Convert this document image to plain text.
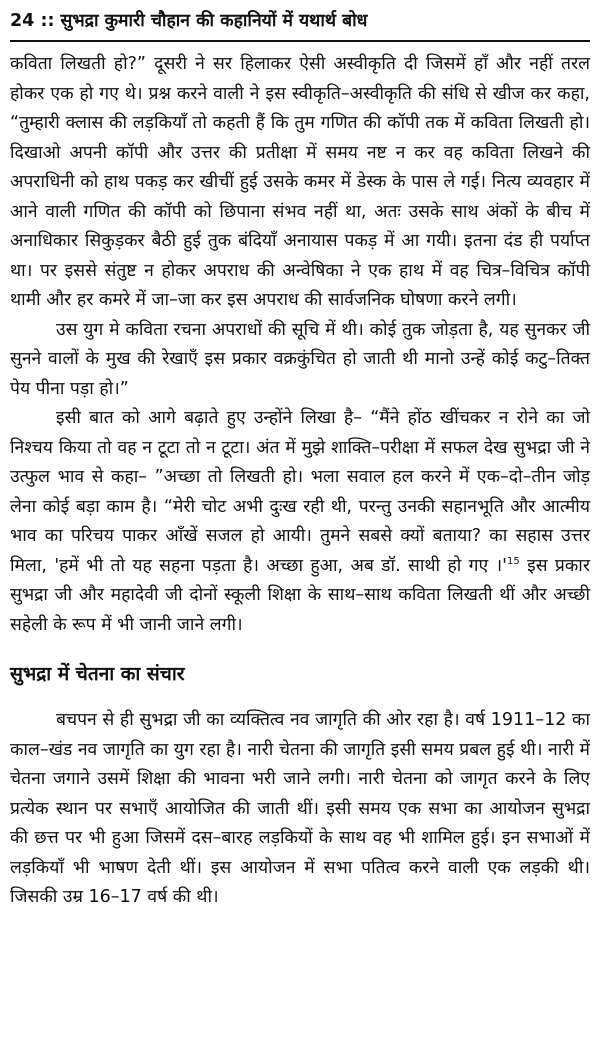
24 :: सुभद्रा कुमारी चौहान की कहानियों में यथार्थ बोध

कविता लिखती हो?” दूसरी ने सर हिलाकर ऐसी अस्वीकृति दी जिसमें हाँ और नहीं तरल होकर एक हो गए थे। प्रश्न करने वाली ने इस स्वीकृति–अस्वीकृति की संधि से खीज कर कहा, “तुम्हारी क्लास की लड़कियाँ तो कहती हैं कि तुम गणित की कॉपी तक में कविता लिखती हो। दिखाओ अपनी कॉपी और उत्तर की प्रतीक्षा में समय नष्ट न कर वह कविता लिखने की अपराधिनी को हाथ पकड़ कर खीचीं हुई उसके कमर में डेस्क के पास ले गई। नित्य व्यवहार में आने वाली गणित की कॉपी को छिपाना संभव नहीं था, अतः उसके साथ अंकों के बीच में अनाधिकार सिकुड़कर बैठी हुई तुक बंदियाँ अनायास पकड़ में आ गयी। इतना दंड ही पर्याप्त था। पर इससे संतुष्ट न होकर अपराध की अन्वेषिका ने एक हाथ में वह चित्र–विचित्र कॉपी थामी और हर कमरे में जा–जा कर इस अपराध की सार्वजनिक घोषणा करने लगी।

उस युग मे कविता रचना अपराधों की सूचि में थी। कोई तुक जोड़ता है, यह सुनकर जी सुनने वालों के मुख की रेखाएँ इस प्रकार वक्रकुंचित हो जाती थी मानो उन्हें कोई कटु–तिक्त पेय पीना पड़ा हो।”

इसी बात को आगे बढ़ाते हुए उन्होंने लिखा है– “मैंने होंठ खींचकर न रोने का जो निश्चय किया तो वह न टूटा तो न टूटा। अंत में मुझे शाक्ति–परीक्षा में सफल देख सुभद्रा जी ने उत्फुल भाव से कहा– ”अच्छा तो लिखती हो। भला सवाल हल करने में एक–दो–तीन जोड़ लेना कोई बड़ा काम है। “मेरी चोट अभी दुःख रही थी, परन्तु उनकी सहानभूति और आत्मीय भाव का परिचय पाकर आँखें सजल हो आयी। तुमने सबसे क्यों बताया? का सहास उत्तर मिला, 'हमें भी तो यह सहना पड़ता है। अच्छा हुआ, अब डॉ. साथी हो गए $।'^{15}$ इस प्रकार सुभद्रा जी और महादेवी जी दोनों स्कूली शिक्षा के साथ–साथ कविता लिखती थीं और अच्छी सहेली के रूप में भी जानी जाने लगी।

सुभद्रा में चेतना का संचार

बचपन से ही सुभद्रा जी का व्यक्तित्व नव जागृति की ओर रहा है। वर्ष 1911–12 का काल–खंड नव जागृति का युग रहा है। नारी चेतना की जागृति इसी समय प्रबल हुई थी। नारी में चेतना जगाने उसमें शिक्षा की भावना भरी जाने लगी। नारी चेतना को जागृत करने के लिए प्रत्येक स्थान पर सभाएँ आयोजित की जाती थीं। इसी समय एक सभा का आयोजन सुभद्रा की छत्त पर भी हुआ जिसमें दस–बारह लड़कियों के साथ वह भी शामिल हुई। इन सभाओं में लड़कियाँ भी भाषण देती थीं। इस आयोजन में सभा पतित्व करने वाली एक लड़की थी। जिसकी उम्र 16–17 वर्ष की थी।
